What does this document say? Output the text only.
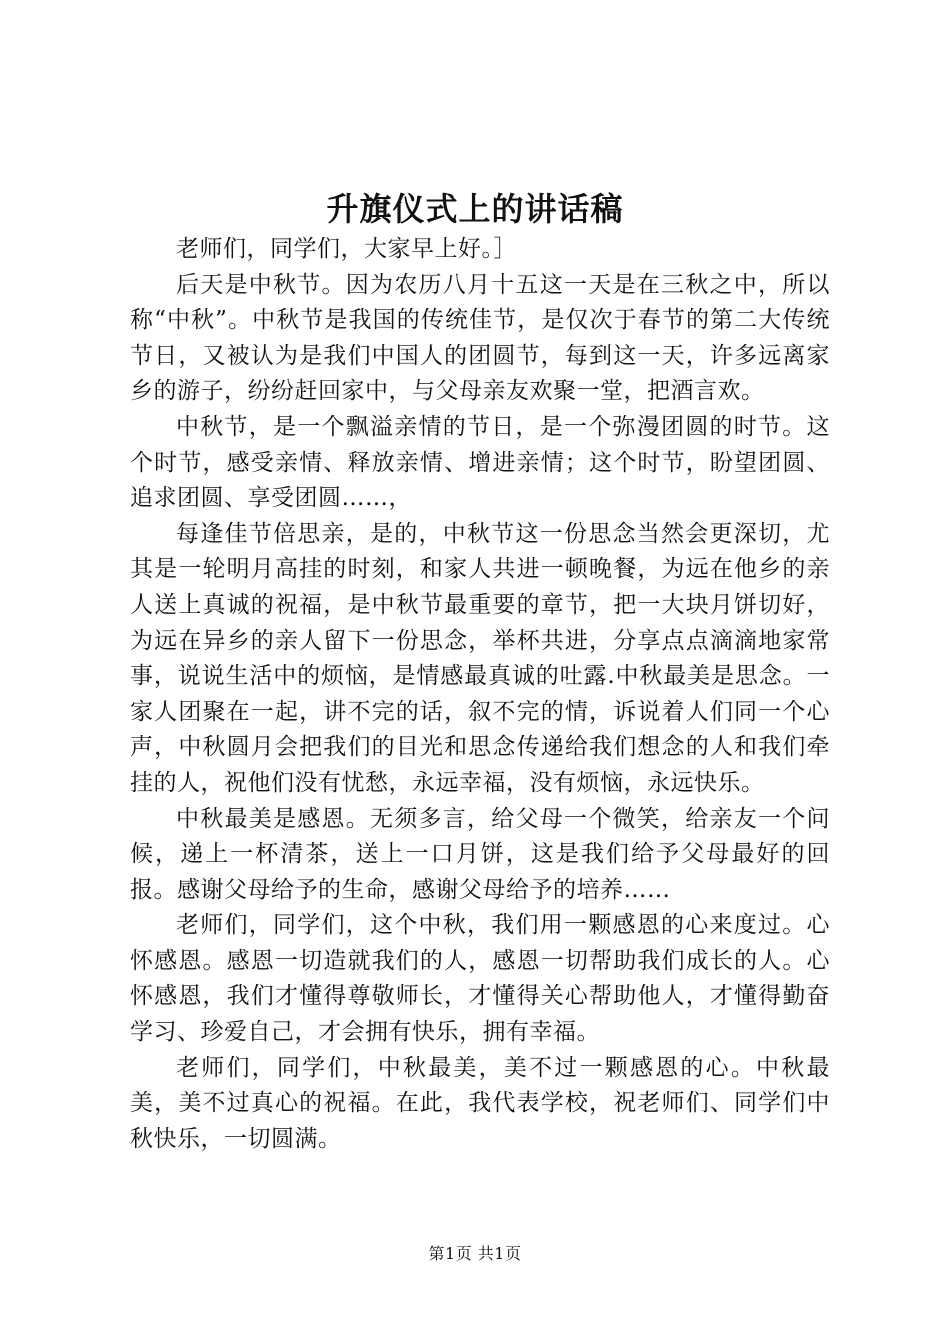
升旗仪式上的讲话稿

老师们，同学们，大家早上好。］

后天是中秋节。因为农历八月十五这一天是在三秋之中，所以称“中秋”。中秋节是我国的传统佳节，是仅次于春节的第二大传统节日，又被认为是我们中国人的团圆节，每到这一天，许多远离家乡的游子，纷纷赶回家中，与父母亲友欢聚一堂，把酒言欢。

中秋节，是一个飘溢亲情的节日，是一个弥漫团圆的时节。这个时节，感受亲情、释放亲情、增进亲情；这个时节，盼望团圆、追求团圆、享受团圆……，

每逢佳节倍思亲，是的，中秋节这一份思念当然会更深切，尤其是一轮明月高挂的时刻，和家人共进一顿晚餐，为远在他乡的亲人送上真诚的祝福，是中秋节最重要的章节，把一大块月饼切好，为远在异乡的亲人留下一份思念，举杯共进，分享点点滴滴地家常事，说说生活中的烦恼，是情感最真诚的吐露.中秋最美是思念。一家人团聚在一起，讲不完的话，叙不完的情，诉说着人们同一个心声，中秋圆月会把我们的目光和思念传递给我们想念的人和我们牵挂的人，祝他们没有忧愁，永远幸福，没有烦恼，永远快乐。

中秋最美是感恩。无须多言，给父母一个微笑，给亲友一个问候，递上一杯清茶，送上一口月饼，这是我们给予父母最好的回报。感谢父母给予的生命，感谢父母给予的培养……

老师们，同学们，这个中秋，我们用一颗感恩的心来度过。心怀感恩。感恩一切造就我们的人，感恩一切帮助我们成长的人。心怀感恩，我们才懂得尊敬师长，才懂得关心帮助他人，才懂得勤奋学习、珍爱自己，才会拥有快乐，拥有幸福。

老师们，同学们，中秋最美，美不过一颗感恩的心。中秋最美，美不过真心的祝福。在此，我代表学校，祝老师们、同学们中秋快乐，一切圆满。

第1页 共1页
